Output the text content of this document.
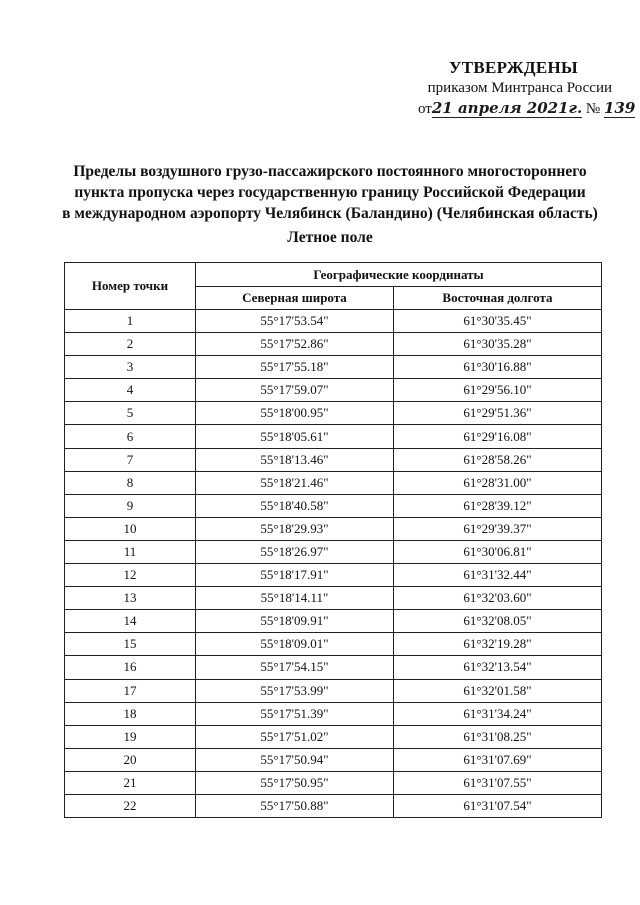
УТВЕРЖДЕНЫ
приказом Минтранса России
от21 апреля 2021г. № 139
Пределы воздушного грузо-пассажирского постоянного многостороннего
пункта пропуска через государственную границу Российской Федерации
в международном аэропорту Челябинск (Баландино) (Челябинская область)
Летное поле
Номер точки	Географические координаты	
	Северная широта	Восточная долгота
1	55°17'53.54"	61°30'35.45"
2	55°17'52.86"	61°30'35.28"
3	55°17'55.18"	61°30'16.88"
4	55°17'59.07"	61°29'56.10"
5	55°18'00.95"	61°29'51.36"
6	55°18'05.61"	61°29'16.08"
7	55°18'13.46"	61°28'58.26"
8	55°18'21.46"	61°28'31.00"
9	55°18'40.58"	61°28'39.12"
10	55°18'29.93"	61°29'39.37"
11	55°18'26.97"	61°30'06.81"
12	55°18'17.91"	61°31'32.44"
13	55°18'14.11"	61°32'03.60"
14	55°18'09.91"	61°32'08.05"
15	55°18'09.01"	61°32'19.28"
16	55°17'54.15"	61°32'13.54"
17	55°17'53.99"	61°32'01.58"
18	55°17'51.39"	61°31'34.24"
19	55°17'51.02"	61°31'08.25"
20	55°17'50.94"	61°31'07.69"
21	55°17'50.95"	61°31'07.55"
22	55°17'50.88"	61°31'07.54"
